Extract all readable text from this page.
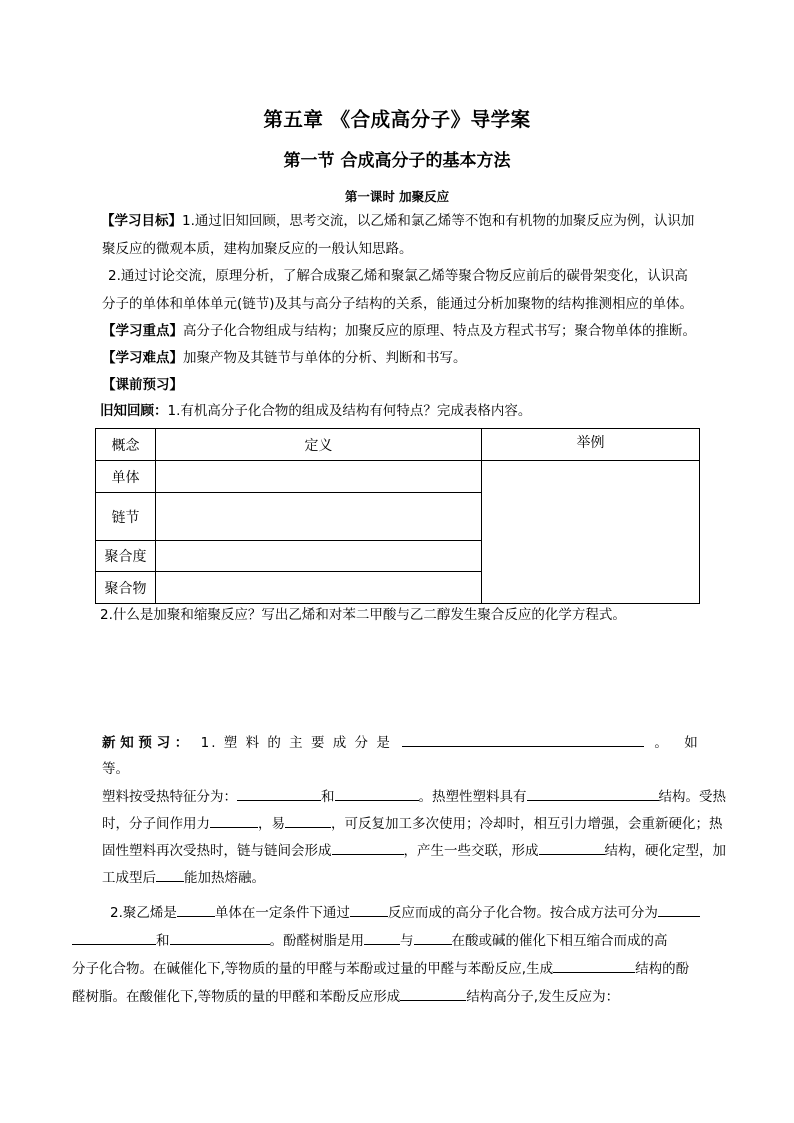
第五章 《合成高分子》导学案
第一节 合成高分子的基本方法
第一课时 加聚反应
【学习目标】1.通过旧知回顾，思考交流，以乙烯和氯乙烯等不饱和有机物的加聚反应为例，认识加聚反应的微观本质，建构加聚反应的一般认知思路。
2.通过讨论交流，原理分析，了解合成聚乙烯和聚氯乙烯等聚合物反应前后的碳骨架变化，认识高分子的单体和单体单元(链节)及其与高分子结构的关系，能通过分析加聚物的结构推测相应的单体。
【学习重点】高分子化合物组成与结构；加聚反应的原理、特点及方程式书写；聚合物单体的推断。
【学习难点】加聚产物及其链节与单体的分析、判断和书写。
【课前预习】
旧知回顾：1.有机高分子化合物的组成及结构有何特点？完成表格内容。
概念	定义	举例
单体		
链节		
聚合度		
聚合物		
2.什么是加聚和缩聚反应？写出乙烯和对苯二甲酸与乙二醇发生聚合反应的化学方程式。
新 知 预 习 ： 1. 塑 料 的 主 要 成 分 是	。 如
等。
塑料按受热特征分为：	和	。热塑性塑料具有	结构。受热
时，分子间作用力	，易	，可反复加工多次使用；冷却时，相互引力增强，会重新硬化；热
固性塑料再次受热时，链与链间会形成	，产生一些交联，形成	结构，硬化定型，加
工成型后 能加热熔融。
2.聚乙烯是	单体在一定条件下通过	反应而成的高分子化合物。按合成方法可分为
和	。酚醛树脂是用	与	在酸或碱的催化下相互缩合而成的高
分子化合物。在碱催化下,等物质的量的甲醛与苯酚或过量的甲醛与苯酚反应,生成	结构的酚
醛树脂。在酸催化下,等物质的量的甲醛和苯酚反应形成	结构高分子,发生反应为：
